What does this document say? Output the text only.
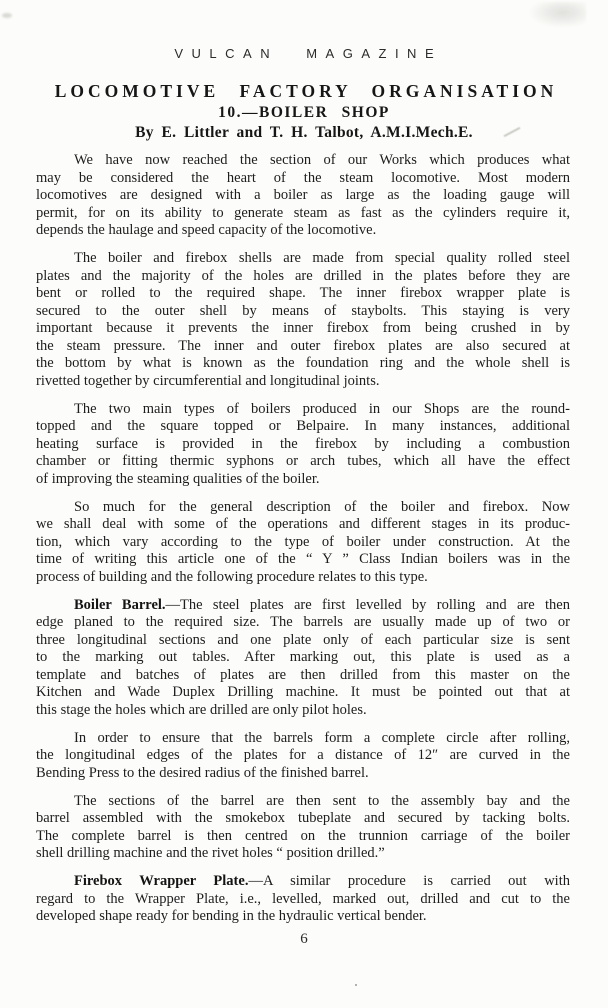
VULCAN MAGAZINE
LOCOMOTIVE FACTORY ORGANISATION
10.—BOILER SHOP
By E. Littler and T. H. Talbot, A.M.I.Mech.E.
We have now reached the section of our Works which produces what
may be considered the heart of the steam locomotive. Most modern
locomotives are designed with a boiler as large as the loading gauge will
permit, for on its ability to generate steam as fast as the cylinders require it,
depends the haulage and speed capacity of the locomotive.
The boiler and firebox shells are made from special quality rolled steel
plates and the majority of the holes are drilled in the plates before they are
bent or rolled to the required shape. The inner firebox wrapper plate is
secured to the outer shell by means of staybolts. This staying is very
important because it prevents the inner firebox from being crushed in by
the steam pressure. The inner and outer firebox plates are also secured at
the bottom by what is known as the foundation ring and the whole shell is
rivetted together by circumferential and longitudinal joints.
The two main types of boilers produced in our Shops are the round-
topped and the square topped or Belpaire. In many instances, additional
heating surface is provided in the firebox by including a combustion
chamber or fitting thermic syphons or arch tubes, which all have the effect
of improving the steaming qualities of the boiler.
So much for the general description of the boiler and firebox. Now
we shall deal with some of the operations and different stages in its produc-
tion, which vary according to the type of boiler under construction. At the
time of writing this article one of the “ Y ” Class Indian boilers was in the
process of building and the following procedure relates to this type.
Boiler Barrel.—The steel plates are first levelled by rolling and are then
edge planed to the required size. The barrels are usually made up of two or
three longitudinal sections and one plate only of each particular size is sent
to the marking out tables. After marking out, this plate is used as a
template and batches of plates are then drilled from this master on the
Kitchen and Wade Duplex Drilling machine. It must be pointed out that at
this stage the holes which are drilled are only pilot holes.
In order to ensure that the barrels form a complete circle after rolling,
the longitudinal edges of the plates for a distance of 12″ are curved in the
Bending Press to the desired radius of the finished barrel.
The sections of the barrel are then sent to the assembly bay and the
barrel assembled with the smokebox tubeplate and secured by tacking bolts.
The complete barrel is then centred on the trunnion carriage of the boiler
shell drilling machine and the rivet holes “ position drilled.”
Firebox Wrapper Plate.—A similar procedure is carried out with
regard to the Wrapper Plate, i.e., levelled, marked out, drilled and cut to the
developed shape ready for bending in the hydraulic vertical bender.
6
